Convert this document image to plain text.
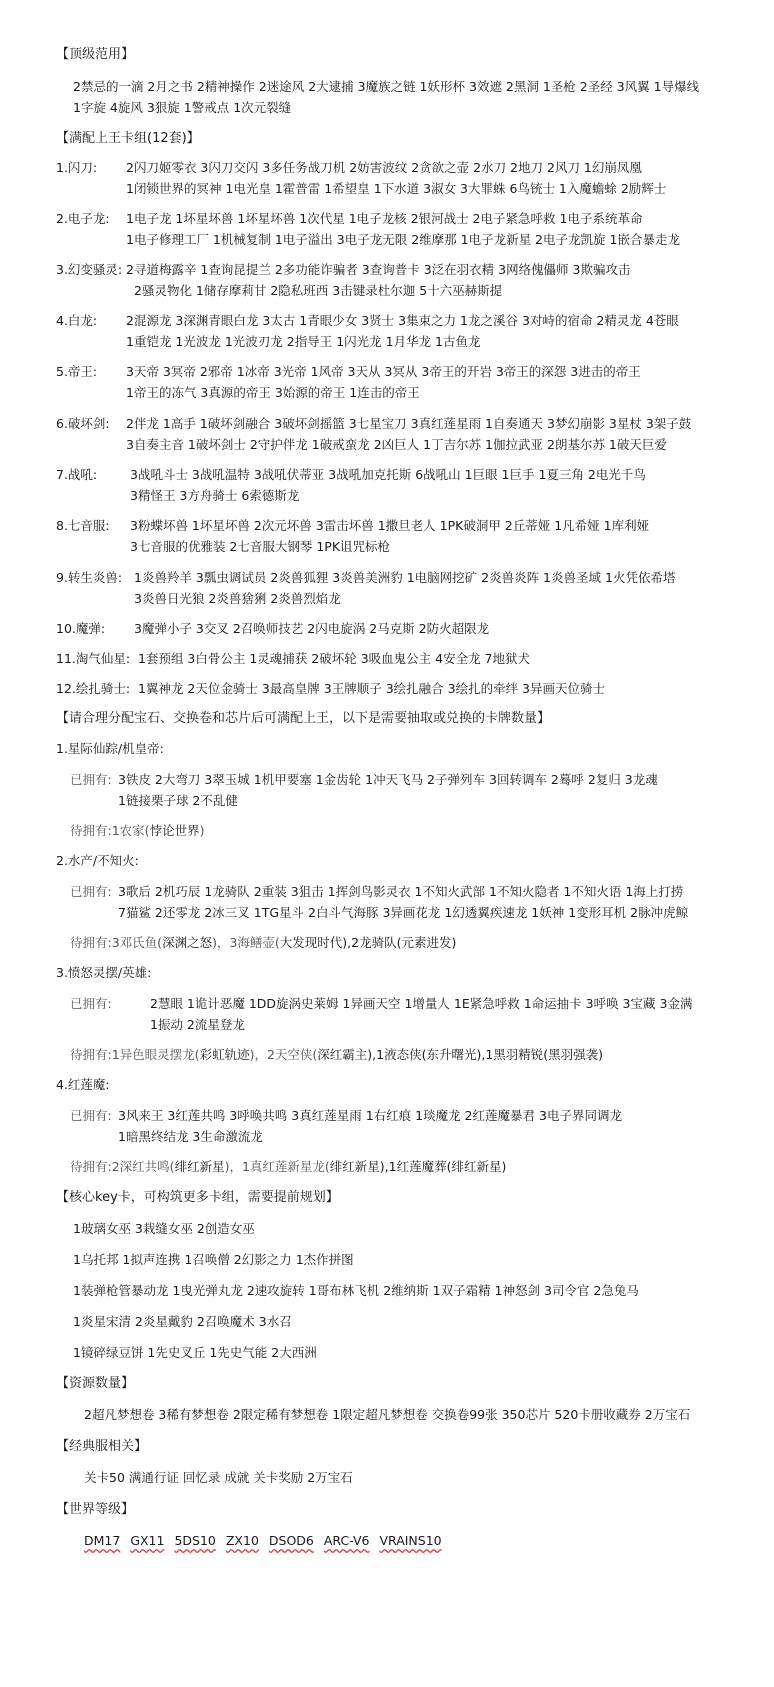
【顶级范用】
2禁忌的一滴 2月之书 2精神操作 2迷途风 2大逮捕 3魔族之链 1妖形杯 3效遮 2黑洞 1圣枪 2圣经 3风翼 1导爆线
1字旋 4旋风 3狠旋 1警戒点 1次元裂缝
【满配上王卡组(12套)】
1.闪刀:	2闪刀姬零衣 3闪刀交闪 3多任务战刀机 2妨害波纹 2贪欲之壶 2水刀 2地刀 2风刀 1幻崩凤凰
1闭锁世界的冥神 1电光皇 1霍普雷 1希望皇 1下水道 3淑女 3大罪蛛 6鸟铳士 1入魔蟾蜍 2励辉士
2.电子龙:	1电子龙 1坏星坏兽 1坏星坏兽 1次代星 1电子龙核 2银河战士 2电子紧急呼救 1电子系统革命
1电子修理工厂 1机械复制 1电子溢出 3电子龙无限 2维摩那 1电子龙新星 2电子龙凯旋 1嵌合暴走龙
3.幻变骚灵: 2寻道梅露辛 1查询昆提兰 2多功能诈骗者 3查询普卡 3泛在羽衣精 3网络傀儡师 3欺骗攻击
2骚灵物化 1储存摩莉甘 2隐私班西 3击键录杜尔迦 5十六巫赫斯提
4.白龙:	2混源龙 3深渊青眼白龙 3太古 1青眼少女 3贤士 3集束之力 1龙之溪谷 3对峙的宿命 2精灵龙 4苍眼
1重铠龙 1光波龙 1光波刃龙 2指导王 1闪光龙 1月华龙 1古鱼龙
5.帝王:	3天帝 3冥帝 2邪帝 1冰帝 3光帝 1风帝 3天从 3冥从 3帝王的开岩 3帝王的深怨 3进击的帝王
1帝王的冻气 3真源的帝王 3始源的帝王 1连击的帝王
6.破坏剑:	2伴龙 1高手 1破坏剑融合 3破坏剑摇篮 3七星宝刀 3真红莲星雨 1自奏通天 3梦幻崩影 3星杖 3架子鼓
3自奏主音 1破坏剑士 2守护伴龙 1破戒蛮龙 2凶巨人 1丁吉尔苏 1伽拉武亚 2朗基尔苏 1破天巨爱
7.战吼:	3战吼斗士 3战吼温特 3战吼伏蒂亚 3战吼加克托斯 6战吼山 1巨眼 1巨手 1夏三角 2电光千鸟
3精怪王 3方舟骑士 6索德斯龙
8.七音服:	3粉蝶坏兽 1坏星坏兽 2次元坏兽 3雷击坏兽 1撒旦老人 1PK破洞甲 2丘蒂娅 1凡希娅 1库利娅
3七音服的优雅装 2七音服大钢琴 1PK诅咒标枪
9.转生炎兽: 1炎兽羚羊 3瓢虫调试员 2炎兽狐狸 3炎兽美洲豹 1电脑网挖矿 2炎兽炎阵 1炎兽圣域 1火凭依希塔
3炎兽日光狼 2炎兽猞猁 2炎兽烈焰龙
10.魔弹:	3魔弹小子 3交叉 2召唤师技艺 2闪电旋涡 2马克斯 2防火超限龙
11.淘气仙星: 1套预组 3白骨公主 1灵魂捕获 2破坏轮 3吸血鬼公主 4安全龙 7地狱犬
12.绘扎骑士: 1翼神龙 2天位金骑士 3最高皇牌 3王牌顺子 3绘扎融合 3绘扎的牵绊 3异画天位骑士
【请合理分配宝石、交换卷和芯片后可满配上王，以下是需要抽取或兑换的卡牌数量】
1.星际仙踪/机皇帝:
已拥有: 3铁皮 2大弯刀 3翠玉城 1机甲要塞 1金齿轮 1冲天飞马 2子弹列车 3回转调车 2蓦呼 2复归 3龙魂
1链接栗子球 2不乱健
待拥有:1农家(悖论世界)
2.水产/不知火:
已拥有: 3歌后 2机巧辰 1龙骑队 2重装 3狙击 1挥剑鸟影灵衣 1不知火武部 1不知火隐者 1不知火语 1海上打捞
7猫鲨 2还零龙 2冰三叉 1TG星斗 2白斗气海豚 3异画花龙 1幻透翼疾速龙 1妖神 1变形耳机 2脉冲虎鲸
待拥有:3邓氏鱼(深渊之怒)，3海鳝壶(大发现时代),2龙骑队(元素进发)
3.愤怒灵摆/英雄:
已拥有:	2慧眼 1诡计恶魔 1DD旋涡史莱姆 1异画天空 1增量人 1E紧急呼救 1命运抽卡 3呼唤 3宝藏 3金满
1振动 2流星登龙
待拥有:1异色眼灵摆龙(彩虹轨迹)，2天空侠(深红霸主),1液态侠(东升曙光),1黑羽精锐(黑羽强袭)
4.红莲魔:
已拥有: 3风来王 3红莲共鸣 3呼唤共鸣 3真红莲星雨 1右红痕 1琰魔龙 2红莲魔暴君 3电子界同调龙
1暗黑终结龙 3生命激流龙
待拥有:2深红共鸣(绯红新星)，1真红莲新星龙(绯红新星),1红莲魔葬(绯红新星)
【核心key卡，可构筑更多卡组，需要提前规划】
1玻璃女巫 3栽缝女巫 2创造女巫
1乌托邦 1拟声连携 1召唤僧 2幻影之力 1杰作拼图
1装弹枪管暴动龙 1曳光弹丸龙 2速攻旋转 1哥布林飞机 2维纳斯 1双子霜精 1神怒剑 3司令官 2急兔马
1炎星宋清 2炎星戴豹 2召唤魔术 3水召
1镜碎绿豆饼 1先史叉丘 1先史气能 2大西洲
【资源数量】
2超凡梦想卷 3稀有梦想卷 2限定稀有梦想卷 1限定超凡梦想卷 交换卷99张 350芯片 520卡册收藏券 2万宝石
【经典服相关】
关卡50 满通行证 回忆录 成就 关卡奖励 2万宝石
【世界等级】
DM17 GX11 5DS10 ZX10 DSOD6 ARC-V6 VRAINS10
